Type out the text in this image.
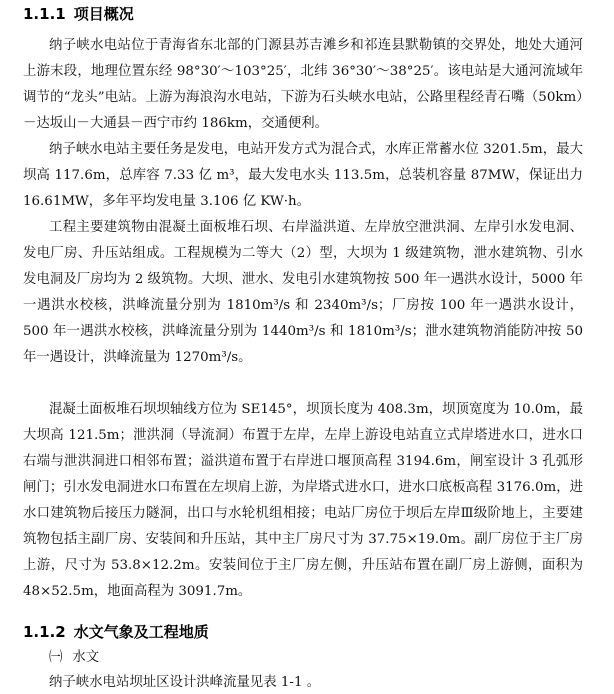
1.1.1 项目概况

纳子峡水电站位于青海省东北部的门源县苏吉滩乡和祁连县默勒镇的交界处，地处大通河上游末段，地理位置东经 98°30′～103°25′，北纬 36°30′～38°25′。该电站是大通河流域年调节的“龙头”电站。上游为海浪沟水电站，下游为石头峡水电站，公路里程经青石嘴（50km）－达坂山－大通县－西宁市约 186km，交通便利。

纳子峡水电站主要任务是发电，电站开发方式为混合式，水库正常蓄水位 3201.5m，最大坝高 117.6m，总库容 7.33 亿 m³，最大发电水头 113.5m，总装机容量 87MW，保证出力 16.61MW，多年平均发电量 3.106 亿 KW·h。

工程主要建筑物由混凝土面板堆石坝、右岸溢洪道、左岸放空泄洪洞、左岸引水发电洞、发电厂房、升压站组成。工程规模为二等大（2）型，大坝为 1 级建筑物，泄水建筑物、引水发电洞及厂房均为 2 级筑物。大坝、泄水、发电引水建筑物按 500 年一遇洪水设计，5000 年一遇洪水校核，洪峰流量分别为 1810m³/s 和 2340m³/s；厂房按 100 年一遇洪水设计，500 年一遇洪水校核，洪峰流量分别为 1440m³/s 和 1810m³/s；泄水建筑物消能防冲按 50 年一遇设计，洪峰流量为 1270m³/s。

混凝土面板堆石坝坝轴线方位为 SE145°，坝顶长度为 408.3m，坝顶宽度为 10.0m，最大坝高 121.5m；泄洪洞（导流洞）布置于左岸，左岸上游设电站直立式岸塔进水口，进水口右端与泄洪洞进口相邻布置；溢洪道布置于右岸进口堰顶高程 3194.6m，闸室设计 3 孔弧形闸门；引水发电洞进水口布置在左坝肩上游，为岸塔式进水口，进水口底板高程 3176.0m，进水口建筑物后接压力隧洞，出口与水轮机组相接；电站厂房位于坝后左岸Ⅲ级阶地上，主要建筑物包括主副厂房、安装间和升压站，其中主厂房尺寸为 37.75×19.0m。副厂房位于主厂房上游，尺寸为 53.8×12.2m。安装间位于主厂房左侧，升压站布置在副厂房上游侧，面积为 48×52.5m，地面高程为 3091.7m。

1.1.2 水文气象及工程地质
㈠ 水文
纳子峡水电站坝址区设计洪峰流量见表 1-1 。
